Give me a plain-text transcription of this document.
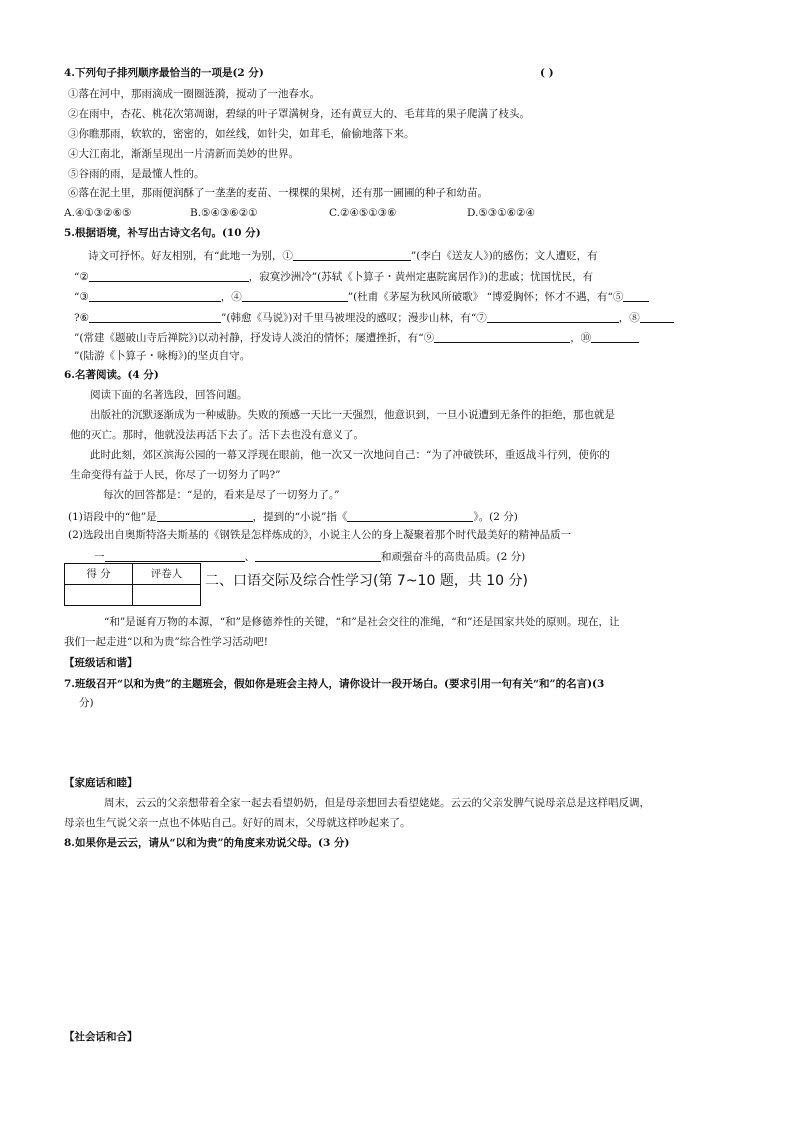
4.下列句子排列顺序最恰当的一项是(2 分)	( )
①落在河中，那雨滴成一圈圈涟漪，搅动了一池春水。
②在雨中，杏花、桃花次第凋谢，碧绿的叶子罩满树身，还有黄豆大的、毛茸茸的果子爬满了枝头。
③你瞧那雨，软软的，密密的，如丝线，如针尖，如茸毛，偷偷地落下来。
④大江南北，渐渐呈现出一片清新而美妙的世界。
⑤谷雨的雨，是最懂人性的。
⑥落在泥土里，那雨便润酥了一垄垄的麦苗、一棵棵的果树，还有那一圃圃的种子和幼苗。
A.④①③②⑥⑤	B.⑤④③⑥②①	C.②④⑤①③⑥	D.⑤③①⑥②④
5.根据语境，补写出古诗文名句。(10 分)
诗文可抒怀。好友相别，有“此地一为别，①	”(李白《送友人》)的感伤；文人遭贬，有
“②	，寂寞沙洲冷”(苏轼《卜算子・黄州定惠院寓居作》)的悲戚；忧国忧民，有
“③	，④	”(杜甫《茅屋为秋风所破歌》 “博爱胸怀；怀才不遇，有“⑤
?⑥	”(韩愈《马说》)对千里马被埋没的感叹；漫步山林，有“⑦	，⑧
”(常建《题破山寺后禅院》)以动衬静，抒发诗人淡泊的情怀；屡遭挫折，有“⑨	，⑩
”(陆游《卜算子・咏梅》)的坚贞自守。
6.名著阅读。(4 分)
阅读下面的名著选段，回答问题。
出版社的沉默逐渐成为一种威胁。失败的预感一天比一天强烈，他意识到，一旦小说遭到无条件的拒绝，那也就是
他的灭亡。那时，他就没法再活下去了。活下去也没有意义了。
此时此刻，郊区滨海公园的一幕又浮现在眼前，他一次又一次地问自己：“为了冲破铁环，重返战斗行列，使你的
生命变得有益于人民，你尽了一切努力了吗?”
每次的回答都是：“是的，看来是尽了一切努力了。”
(1)语段中的“他”是	，提到的“小说”指《	》。(2 分)
(2)选段出自奥斯特洛夫斯基的《钢铁是怎样炼成的》，小说主人公的身上凝聚着那个时代最美好的精神品质一
一	、	和顽强奋斗的高贵品质。(2 分)
得 分	评卷人
	二、口语交际及综合性学习(第 7~10 题，共 10 分)
“和”是诞育万物的本源，“和”是修德养性的关键，“和”是社会交往的准绳，“和”还是国家共处的原则。现在，让
我们一起走进“以和为贵”综合性学习活动吧!
【班级话和谐】
7.班级召开“以和为贵”的主题班会，假如你是班会主持人，请你设计一段开场白。(要求引用一句有关“和”的名言)(3
分)
【家庭话和睦】
周末，云云的父亲想带着全家一起去看望奶奶，但是母亲想回去看望姥姥。云云的父亲发脾气说母亲总是这样唱反调，
母亲也生气说父亲一点也不体贴自己。好好的周末，父母就这样吵起来了。
8.如果你是云云，请从“以和为贵”的角度来劝说父母。(3 分)
【社会话和合】
